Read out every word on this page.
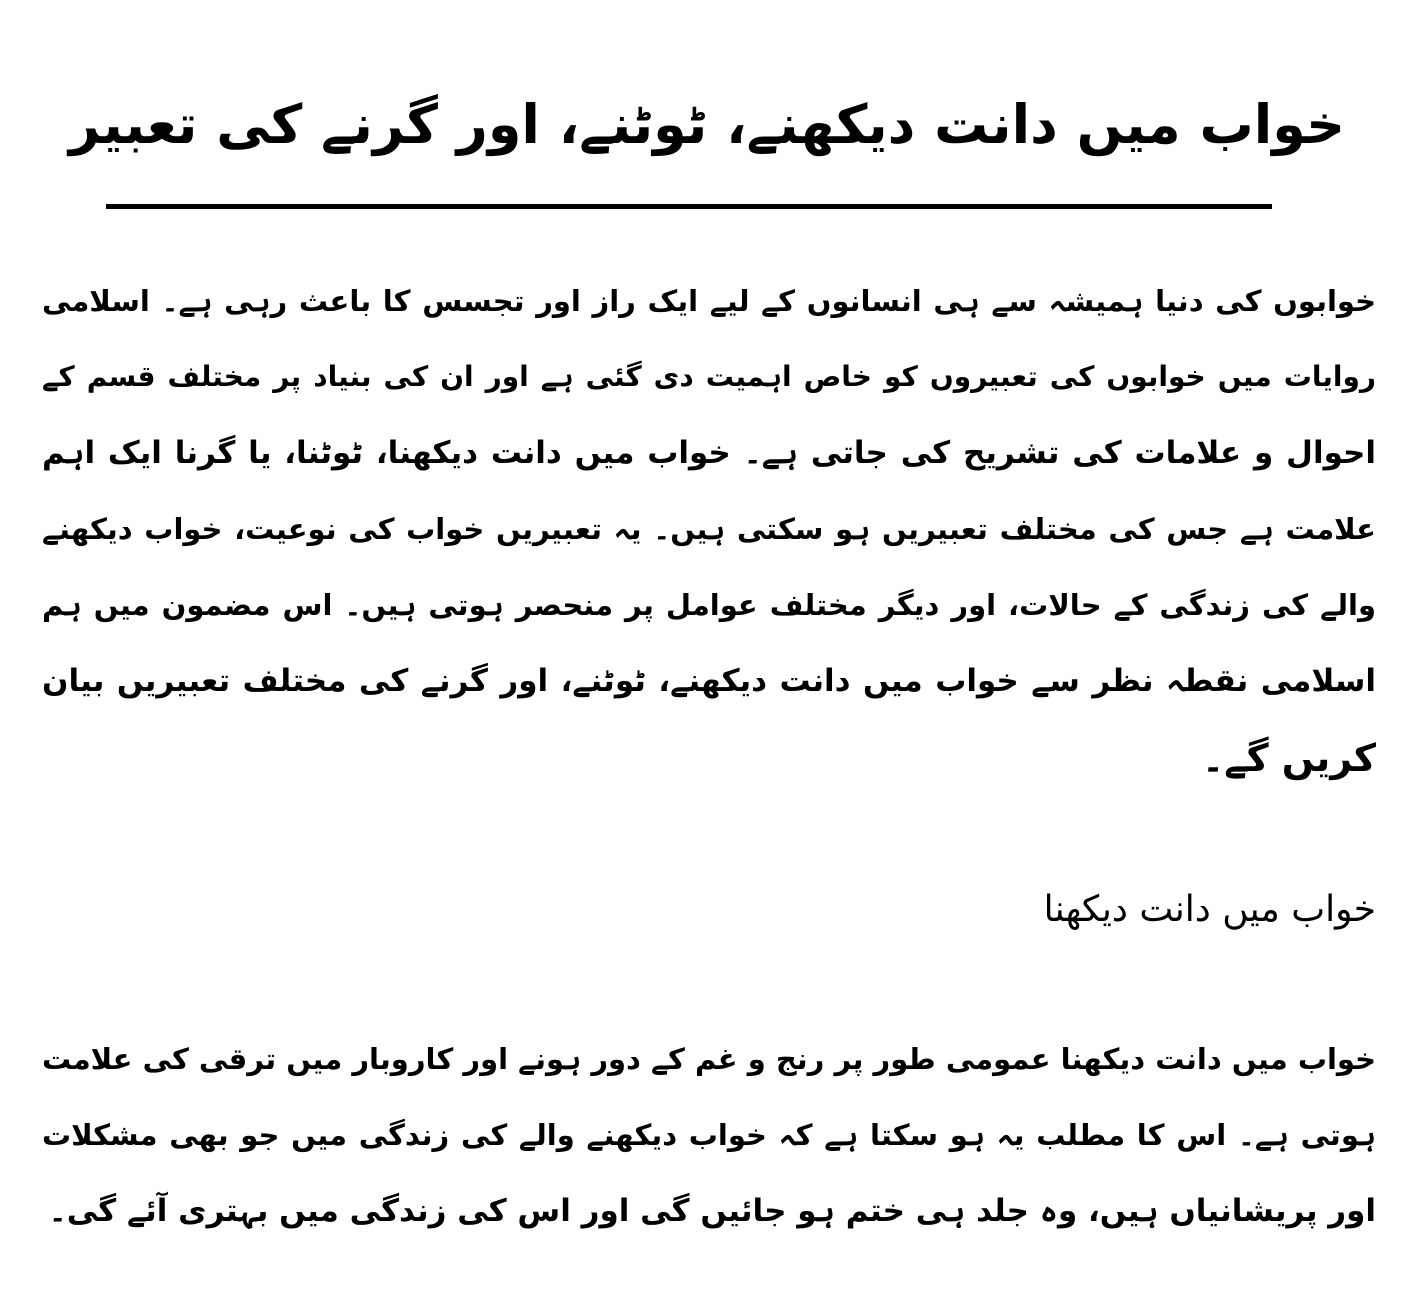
خواب میں دانت دیکھنے، ٹوٹنے، اور گرنے کی تعبیر
خوابوں کی دنیا ہمیشہ سے ہی انسانوں کے لیے ایک راز اور تجسس کا باعث رہی ہے۔ اسلامی
روایات میں خوابوں کی تعبیروں کو خاص اہمیت دی گئی ہے اور ان کی بنیاد پر مختلف قسم کے
احوال و علامات کی تشریح کی جاتی ہے۔ خواب میں دانت دیکھنا، ٹوٹنا، یا گرنا ایک اہم
علامت ہے جس کی مختلف تعبیریں ہو سکتی ہیں۔ یہ تعبیریں خواب کی نوعیت، خواب دیکھنے
والے کی زندگی کے حالات، اور دیگر مختلف عوامل پر منحصر ہوتی ہیں۔ اس مضمون میں ہم
اسلامی نقطہ نظر سے خواب میں دانت دیکھنے، ٹوٹنے، اور گرنے کی مختلف تعبیریں بیان
کریں گے۔
خواب میں دانت دیکھنا
خواب میں دانت دیکھنا عمومی طور پر رنج و غم کے دور ہونے اور کاروبار میں ترقی کی علامت
ہوتی ہے۔ اس کا مطلب یہ ہو سکتا ہے کہ خواب دیکھنے والے کی زندگی میں جو بھی مشکلات
اور پریشانیاں ہیں، وہ جلد ہی ختم ہو جائیں گی اور اس کی زندگی میں بہتری آئے گی۔
